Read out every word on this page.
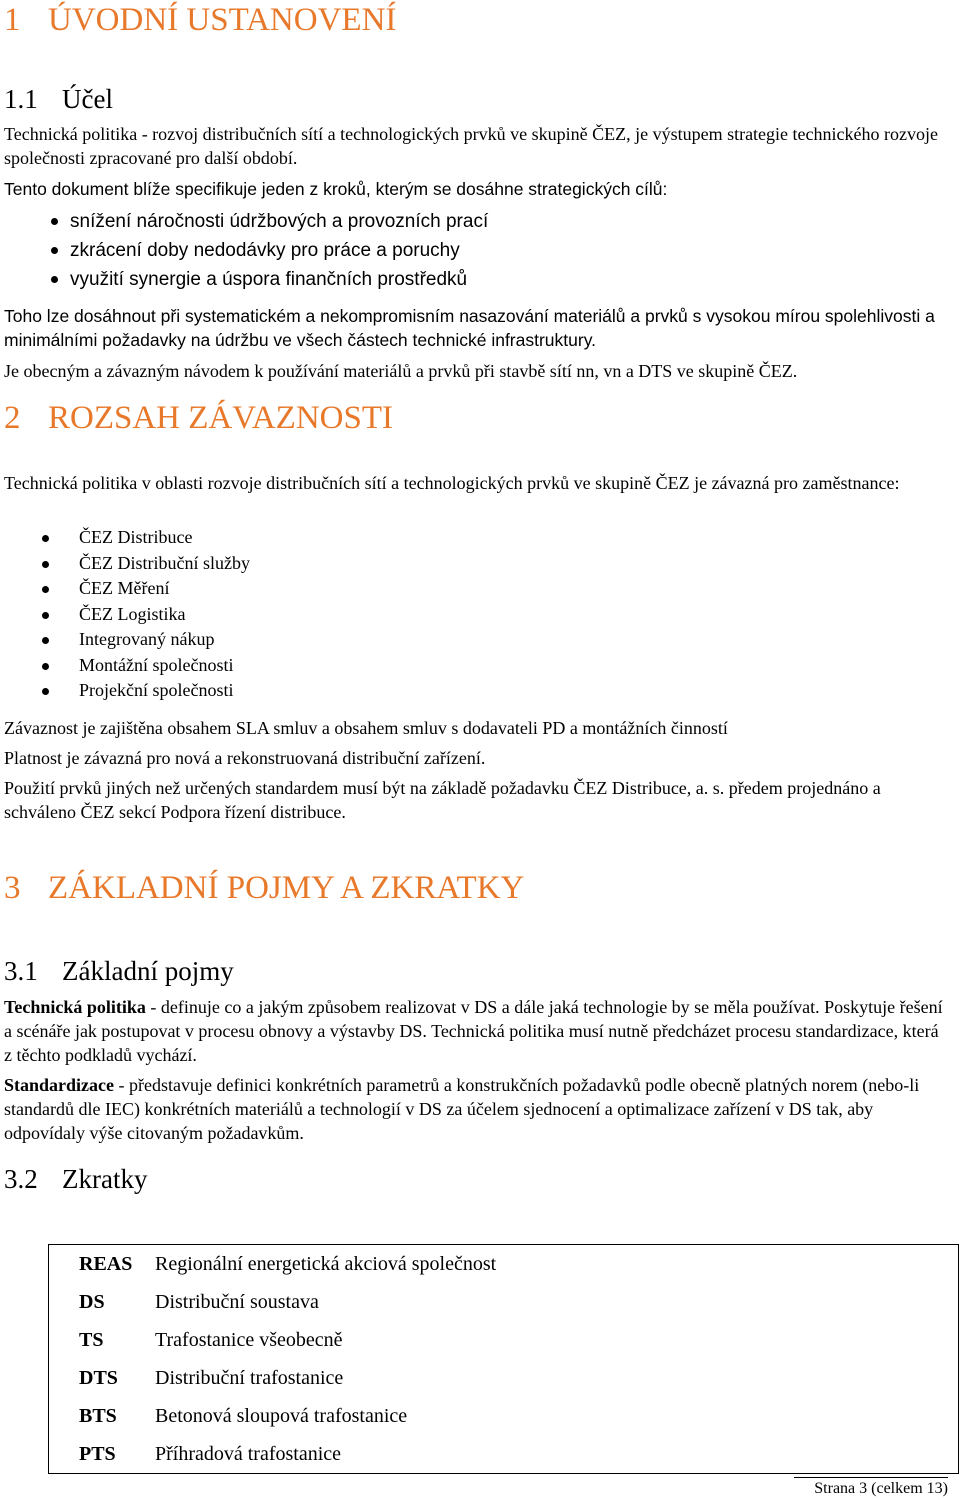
1 ÚVODNÍ USTANOVENÍ
1.1 Účel

Technická politika - rozvoj distribučních sítí a technologických prvků ve skupině ČEZ, je výstupem strategie technického rozvoje společnosti zpracované pro další období.

Tento dokument blíže specifikuje jeden z kroků, kterým se dosáhne strategických cílů:

snížení náročnosti údržbových a provozních prací
zkrácení doby nedodávky pro práce a poruchy
využití synergie a úspora finančních prostředků

Toho lze dosáhnout při systematickém a nekompromisním nasazování materiálů a prvků s vysokou mírou spolehlivosti a minimálními požadavky na údržbu ve všech částech technické infrastruktury.

Je obecným a závazným návodem k používání materiálů a prvků při stavbě sítí nn, vn a DTS ve skupině ČEZ.

2 ROZSAH ZÁVAZNOSTI

Technická politika v oblasti rozvoje distribučních sítí a technologických prvků ve skupině ČEZ je závazná pro zaměstnance:

ČEZ Distribuce
ČEZ Distribuční služby
ČEZ Měření
ČEZ Logistika
Integrovaný nákup
Montážní společnosti
Projekční společnosti

Závaznost je zajištěna obsahem SLA smluv a obsahem smluv s dodavateli PD a montážních činností

Platnost je závazná pro nová a rekonstruovaná distribuční zařízení.

Použití prvků jiných než určených standardem musí být na základě požadavku ČEZ Distribuce, a. s. předem projednáno a schváleno ČEZ sekcí Podpora řízení distribuce.

3 ZÁKLADNÍ POJMY A ZKRATKY
3.1 Základní pojmy

Technická politika - definuje co a jakým způsobem realizovat v DS a dále jaká technologie by se měla používat. Poskytuje řešení a scénáře jak postupovat v procesu obnovy a výstavby DS. Technická politika musí nutně předcházet procesu standardizace, která z těchto podkladů vychází.

Standardizace - představuje definici konkrétních parametrů a konstrukčních požadavků podle obecně platných norem (nebo-li standardů dle IEC) konkrétních materiálů a technologií v DS za účelem sjednocení a optimalizace zařízení v DS tak, aby odpovídaly výše citovaným požadavkům.

3.2 Zkratky
REAS	Regionální energetická akciová společnost
DS	Distribuční soustava
TS	Trafostanice všeobecně
DTS	Distribuční trafostanice
BTS	Betonová sloupová trafostanice
PTS	Příhradová trafostanice
Strana 3 (celkem 13)
